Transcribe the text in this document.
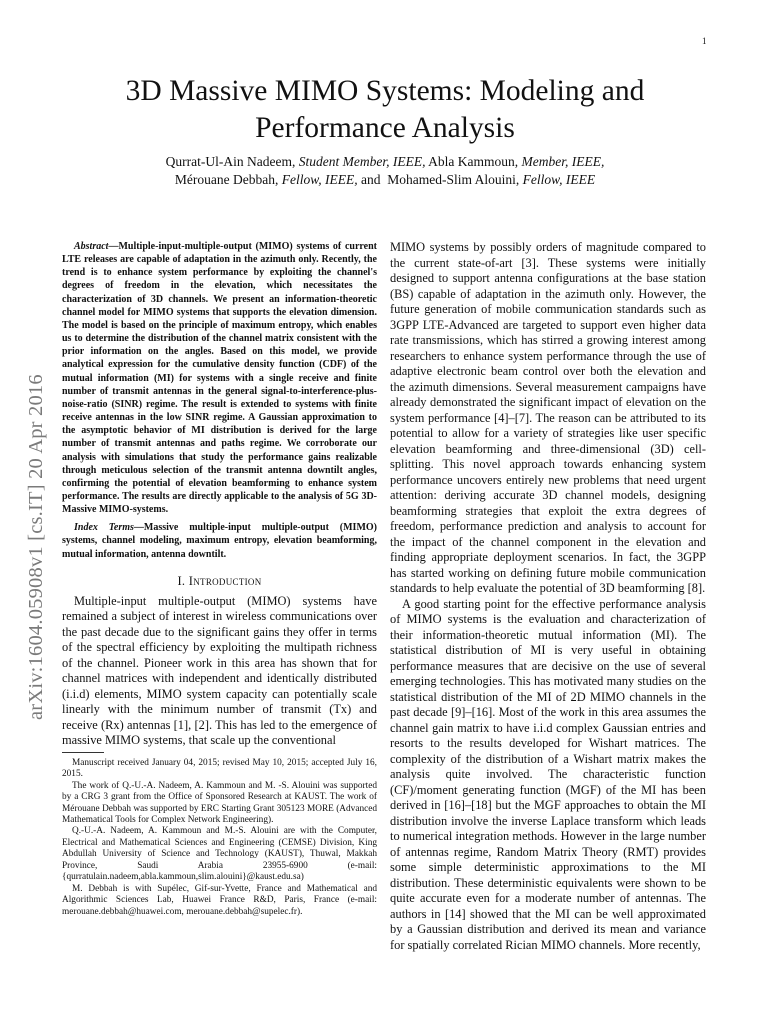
1
arXiv:1604.05908v1 [cs.IT] 20 Apr 2016
3D Massive MIMO Systems: Modeling and Performance Analysis
Qurrat-Ul-Ain Nadeem, Student Member, IEEE, Abla Kammoun, Member, IEEE,
Mérouane Debbah, Fellow, IEEE, and Mohamed-Slim Alouini, Fellow, IEEE

Abstract—Multiple-input-multiple-output (MIMO) systems of current LTE releases are capable of adaptation in the azimuth only. Recently, the trend is to enhance system performance by exploiting the channel's degrees of freedom in the elevation, which necessitates the characterization of 3D channels. We present an information-theoretic channel model for MIMO systems that supports the elevation dimension. The model is based on the principle of maximum entropy, which enables us to determine the distribution of the channel matrix consistent with the prior information on the angles. Based on this model, we provide analytical expression for the cumulative density function (CDF) of the mutual information (MI) for systems with a single receive and finite number of transmit antennas in the general signal-to-interference-plus-noise-ratio (SINR) regime. The result is extended to systems with finite receive antennas in the low SINR regime. A Gaussian approximation to the asymptotic behavior of MI distribution is derived for the large number of transmit antennas and paths regime. We corroborate our analysis with simulations that study the performance gains realizable through meticulous selection of the transmit antenna downtilt angles, confirming the potential of elevation beamforming to enhance system performance. The results are directly applicable to the analysis of 5G 3D-Massive MIMO-systems.

Index Terms—Massive multiple-input multiple-output (MIMO) systems, channel modeling, maximum entropy, elevation beamforming, mutual information, antenna downtilt.

I. Introduction

Multiple-input multiple-output (MIMO) systems have remained a subject of interest in wireless communications over the past decade due to the significant gains they offer in terms of the spectral efficiency by exploiting the multipath richness of the channel. Pioneer work in this area has shown that for channel matrices with independent and identically distributed (i.i.d) elements, MIMO system capacity can potentially scale linearly with the minimum number of transmit (Tx) and receive (Rx) antennas [1], [2]. This has led to the emergence of massive MIMO systems, that scale up the conventional

Manuscript received January 04, 2015; revised May 10, 2015; accepted July 16, 2015.

The work of Q.-U.-A. Nadeem, A. Kammoun and M. -S. Alouini was supported by a CRG 3 grant from the Office of Sponsored Research at KAUST. The work of Mérouane Debbah was supported by ERC Starting Grant 305123 MORE (Advanced Mathematical Tools for Complex Network Engineering).

Q.-U.-A. Nadeem, A. Kammoun and M.-S. Alouini are with the Computer, Electrical and Mathematical Sciences and Engineering (CEMSE) Division, King Abdullah University of Science and Technology (KAUST), Thuwal, Makkah Province, Saudi Arabia 23955-6900 (e-mail: {qurratulain.nadeem,abla.kammoun,slim.alouini}@kaust.edu.sa)

M. Debbah is with Supélec, Gif-sur-Yvette, France and Mathematical and Algorithmic Sciences Lab, Huawei France R&D, Paris, France (e-mail: merouane.debbah@huawei.com, merouane.debbah@supelec.fr).

MIMO systems by possibly orders of magnitude compared to the current state-of-art [3]. These systems were initially designed to support antenna configurations at the base station (BS) capable of adaptation in the azimuth only. However, the future generation of mobile communication standards such as 3GPP LTE-Advanced are targeted to support even higher data rate transmissions, which has stirred a growing interest among researchers to enhance system performance through the use of adaptive electronic beam control over both the elevation and the azimuth dimensions. Several measurement campaigns have already demonstrated the significant impact of elevation on the system performance [4]–[7]. The reason can be attributed to its potential to allow for a variety of strategies like user specific elevation beamforming and three-dimensional (3D) cell-splitting. This novel approach towards enhancing system performance uncovers entirely new problems that need urgent attention: deriving accurate 3D channel models, designing beamforming strategies that exploit the extra degrees of freedom, performance prediction and analysis to account for the impact of the channel component in the elevation and finding appropriate deployment scenarios. In fact, the 3GPP has started working on defining future mobile communication standards to help evaluate the potential of 3D beamforming [8].

A good starting point for the effective performance analysis of MIMO systems is the evaluation and characterization of their information-theoretic mutual information (MI). The statistical distribution of MI is very useful in obtaining performance measures that are decisive on the use of several emerging technologies. This has motivated many studies on the statistical distribution of the MI of 2D MIMO channels in the past decade [9]–[16]. Most of the work in this area assumes the channel gain matrix to have i.i.d complex Gaussian entries and resorts to the results developed for Wishart matrices. The complexity of the distribution of a Wishart matrix makes the analysis quite involved. The characteristic function (CF)/moment generating function (MGF) of the MI has been derived in [16]–[18] but the MGF approaches to obtain the MI distribution involve the inverse Laplace transform which leads to numerical integration methods. However in the large number of antennas regime, Random Matrix Theory (RMT) provides some simple deterministic approximations to the MI distribution. These deterministic equivalents were shown to be quite accurate even for a moderate number of antennas. The authors in [14] showed that the MI can be well approximated by a Gaussian distribution and derived its mean and variance for spatially correlated Rician MIMO channels. More recently,
